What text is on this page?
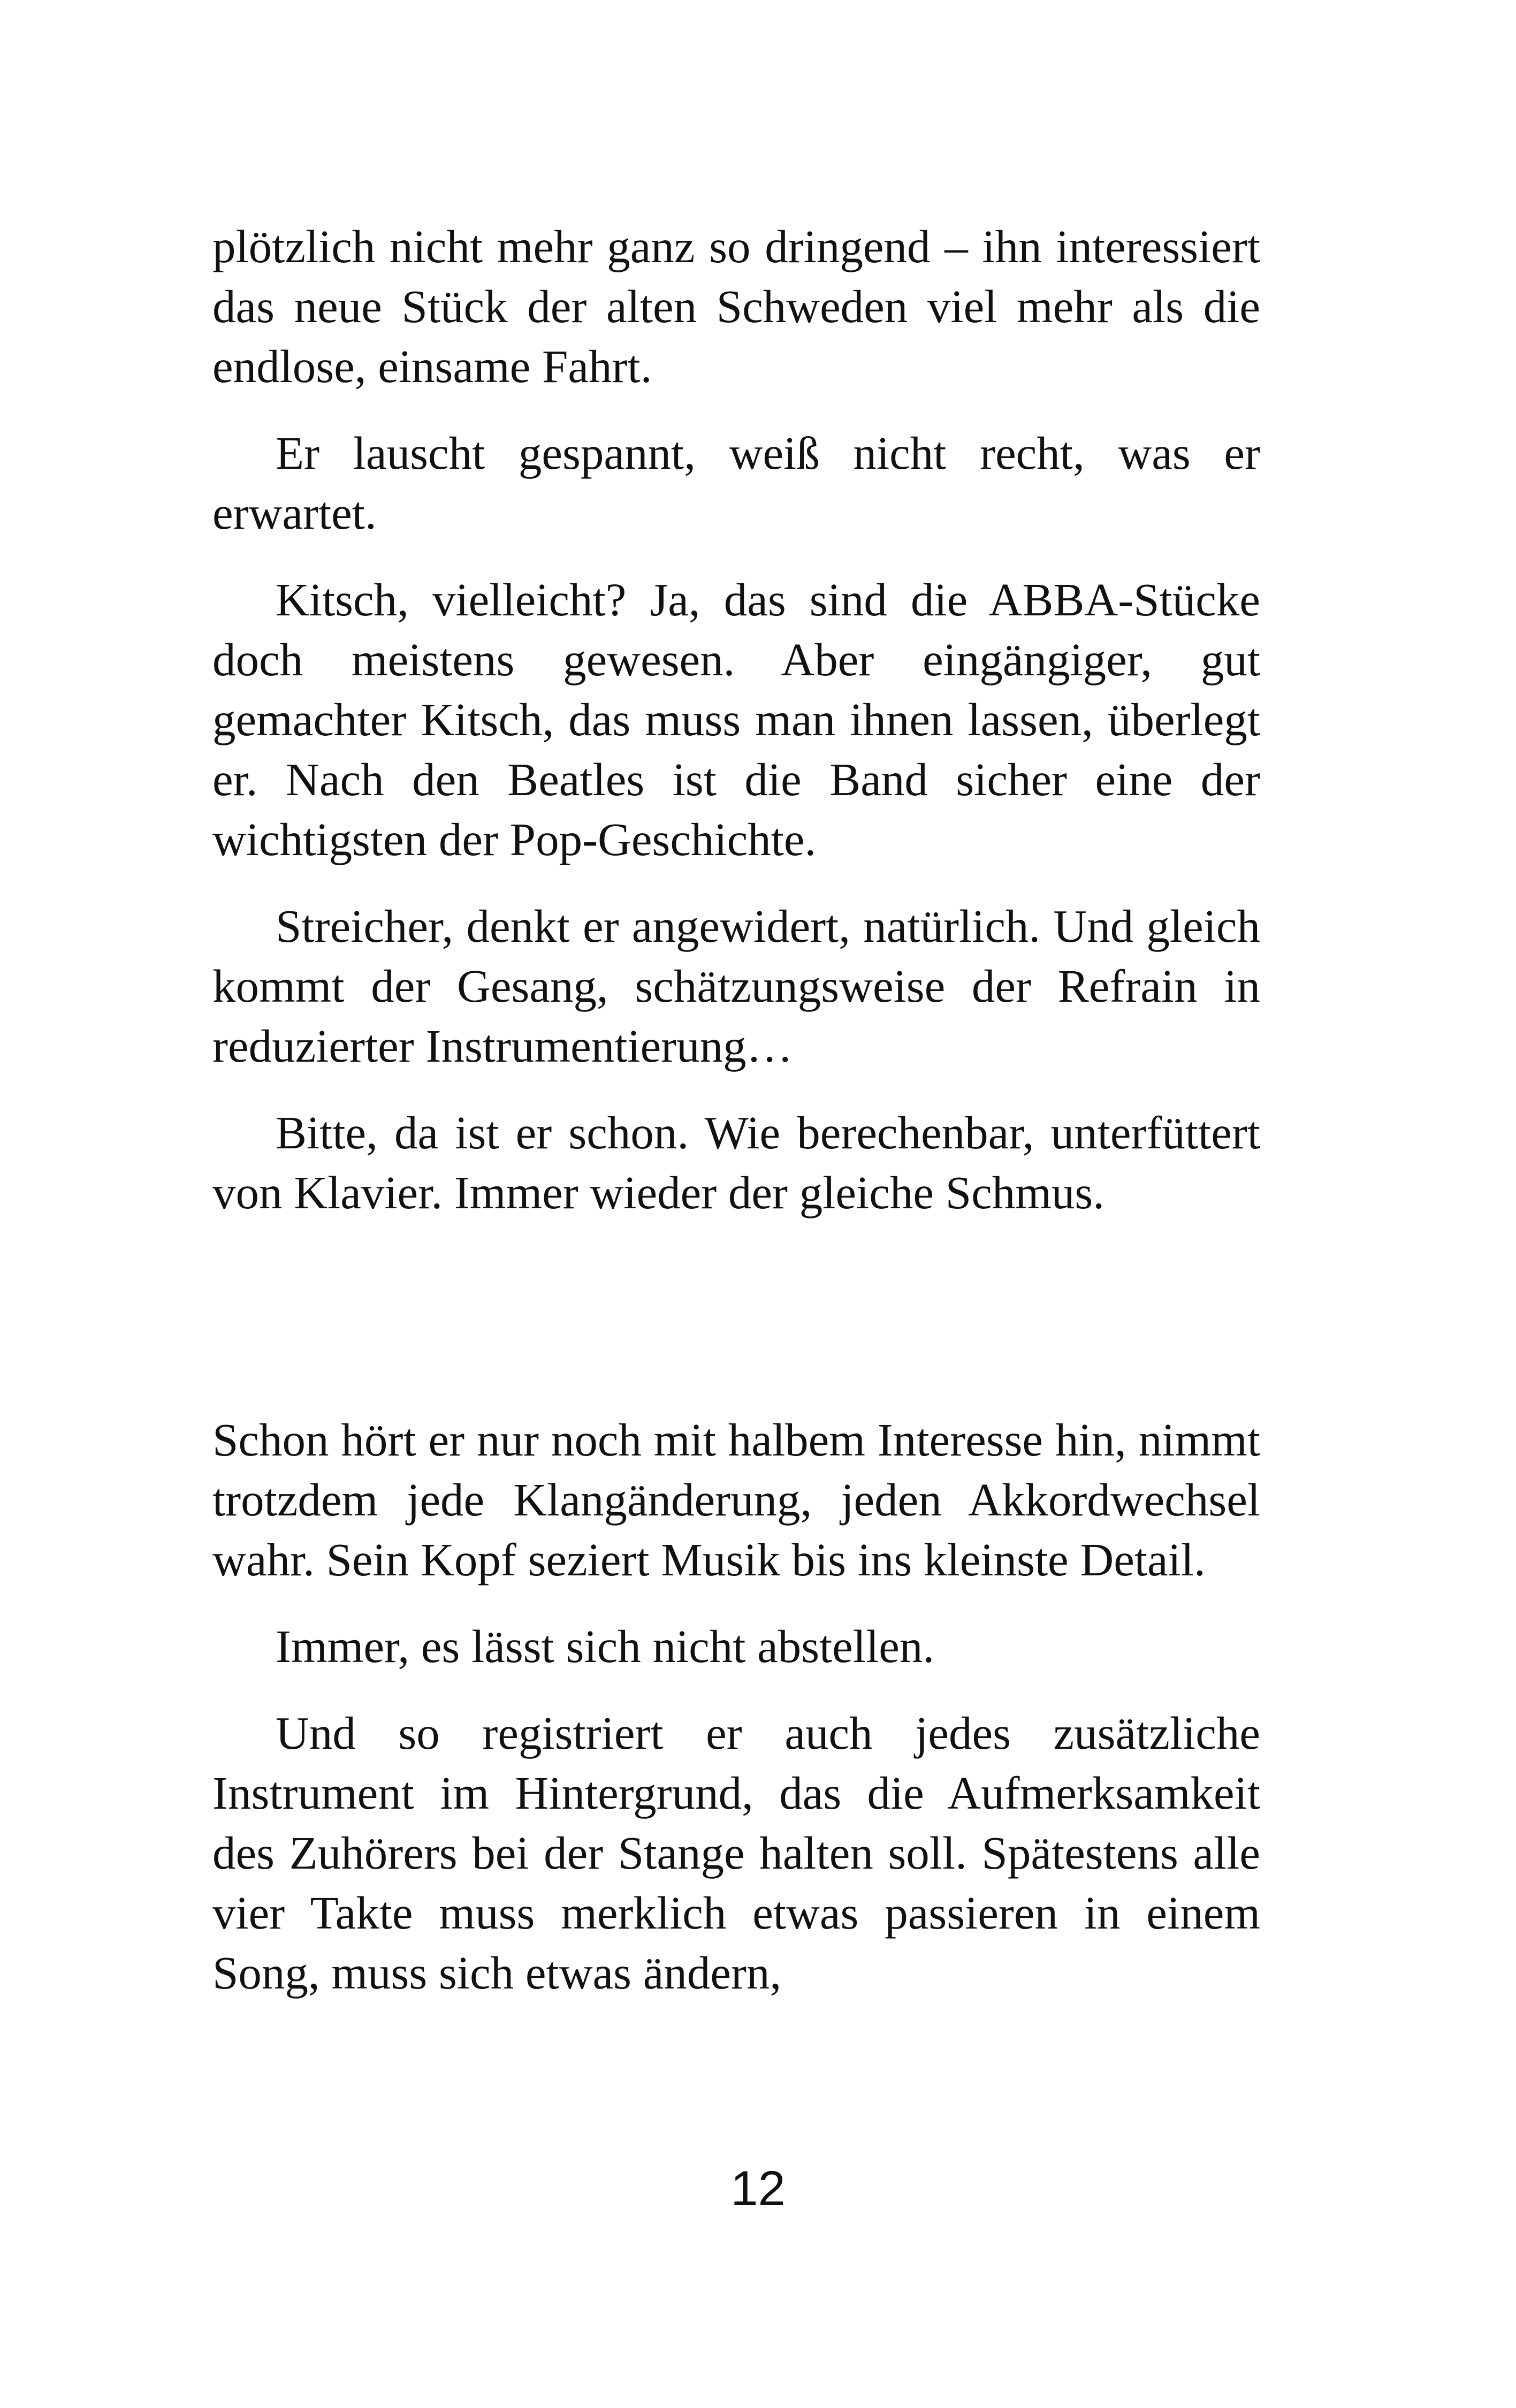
plötzlich nicht mehr ganz so dringend – ihn interessiert das neue Stück der alten Schweden viel mehr als die endlose, einsame Fahrt.

Er lauscht gespannt, weiß nicht recht, was er erwartet.

Kitsch, vielleicht? Ja, das sind die ABBA-Stücke doch meistens gewesen. Aber eingängiger, gut gemachter Kitsch, das muss man ihnen lassen, überlegt er. Nach den Beatles ist die Band sicher eine der wichtigsten der Pop-Geschichte.

Streicher, denkt er angewidert, natürlich. Und gleich kommt der Gesang, schätzungsweise der Refrain in reduzierter Instrumentierung…

Bitte, da ist er schon. Wie berechenbar, unterfüttert von Klavier. Immer wieder der gleiche Schmus.

Schon hört er nur noch mit halbem Interesse hin, nimmt trotzdem jede Klangänderung, jeden Akkordwechsel wahr. Sein Kopf seziert Musik bis ins kleinste Detail.

Immer, es lässt sich nicht abstellen.

Und so registriert er auch jedes zusätzliche Instrument im Hintergrund, das die Aufmerksamkeit des Zuhörers bei der Stange halten soll. Spätestens alle vier Takte muss merklich etwas passieren in einem Song, muss sich etwas ändern,

12
